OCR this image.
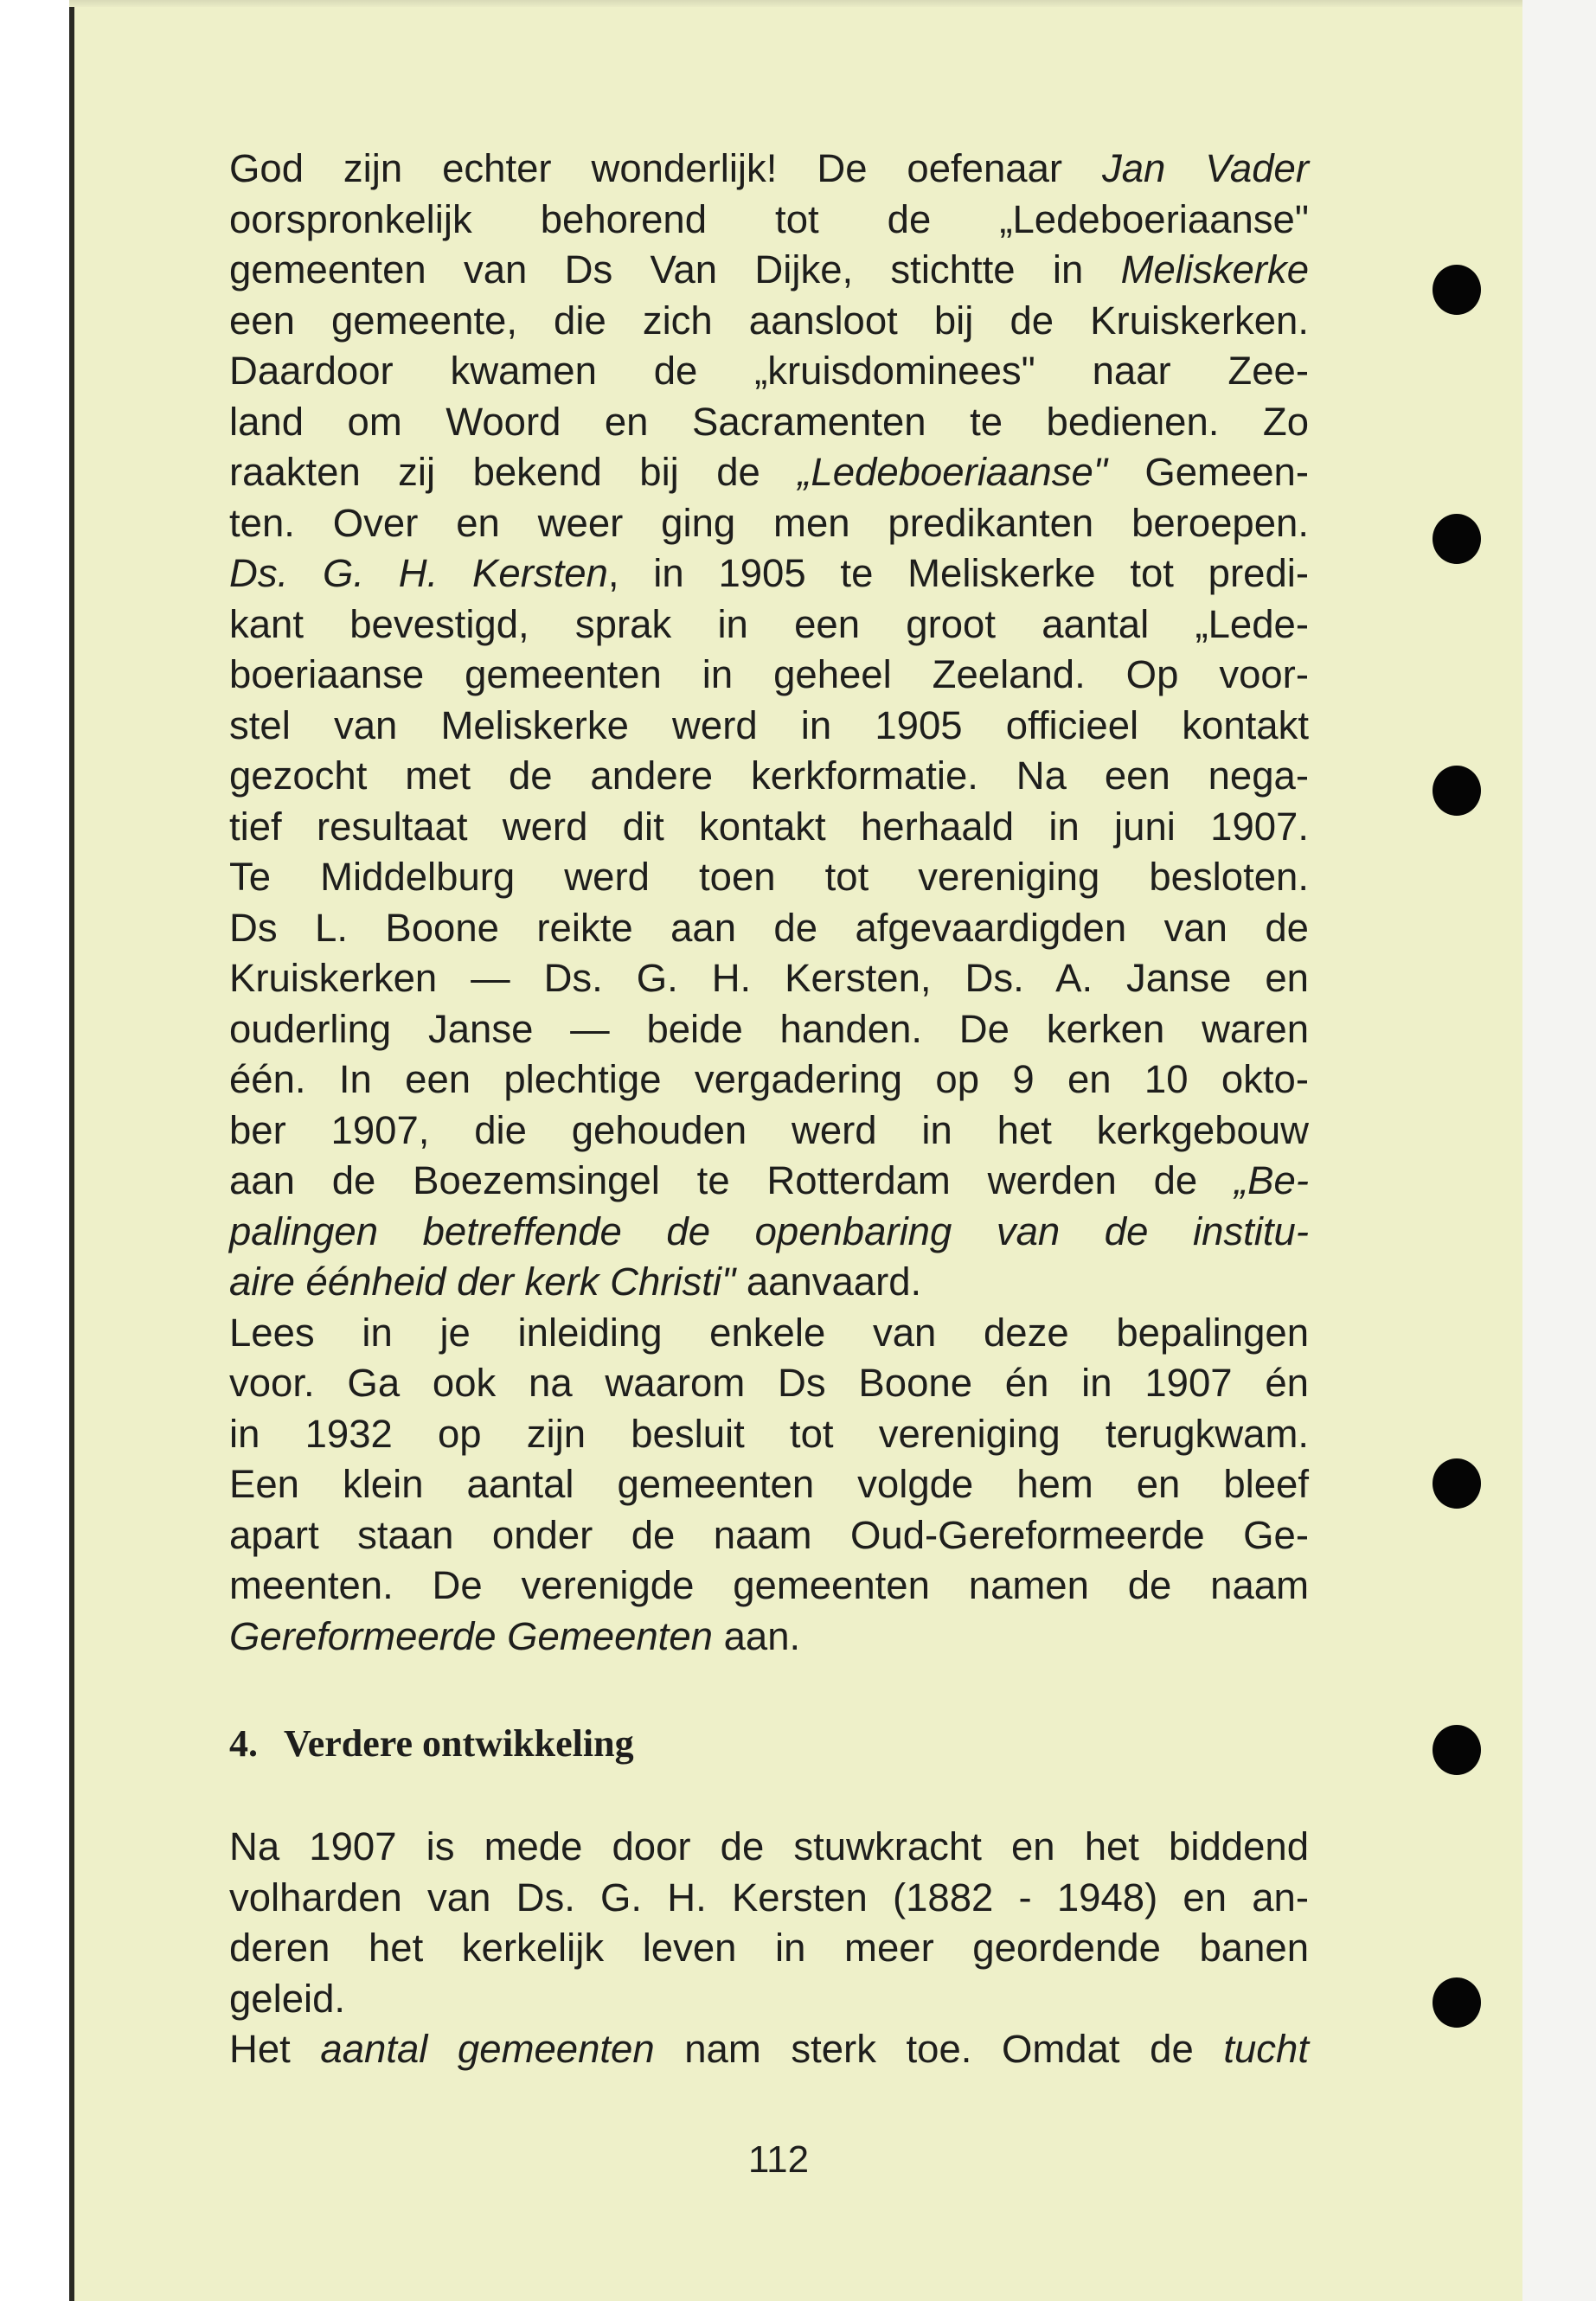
God zijn echter wonderlijk! De oefenaar Jan Vader
oorspronkelijk behorend tot de „Ledeboeriaanse"
gemeenten van Ds Van Dijke, stichtte in Meliskerke
een gemeente, die zich aansloot bij de Kruiskerken.
Daardoor kwamen de „kruisdominees" naar Zee-
land om Woord en Sacramenten te bedienen. Zo
raakten zij bekend bij de „Ledeboeriaanse" Gemeen-
ten. Over en weer ging men predikanten beroepen.
Ds. G. H. Kersten, in 1905 te Meliskerke tot predi-
kant bevestigd, sprak in een groot aantal „Lede-
boeriaanse gemeenten in geheel Zeeland. Op voor-
stel van Meliskerke werd in 1905 officieel kontakt
gezocht met de andere kerkformatie. Na een nega-
tief resultaat werd dit kontakt herhaald in juni 1907.
Te Middelburg werd toen tot vereniging besloten.
Ds L. Boone reikte aan de afgevaardigden van de
Kruiskerken — Ds. G. H. Kersten, Ds. A. Janse en
ouderling Janse — beide handen. De kerken waren
één. In een plechtige vergadering op 9 en 10 okto-
ber 1907, die gehouden werd in het kerkgebouw
aan de Boezemsingel te Rotterdam werden de „Be-
palingen betreffende de openbaring van de institu-
aire éénheid der kerk Christi" aanvaard.
Lees in je inleiding enkele van deze bepalingen
voor. Ga ook na waarom Ds Boone én in 1907 én
in 1932 op zijn besluit tot vereniging terugkwam.
Een klein aantal gemeenten volgde hem en bleef
apart staan onder de naam Oud-Gereformeerde Ge-
meenten. De verenigde gemeenten namen de naam
Gereformeerde Gemeenten aan.
4. Verdere ontwikkeling
Na 1907 is mede door de stuwkracht en het biddend
volharden van Ds. G. H. Kersten (1882 - 1948) en an-
deren het kerkelijk leven in meer geordende banen
geleid.
Het aantal gemeenten nam sterk toe. Omdat de tucht
112
